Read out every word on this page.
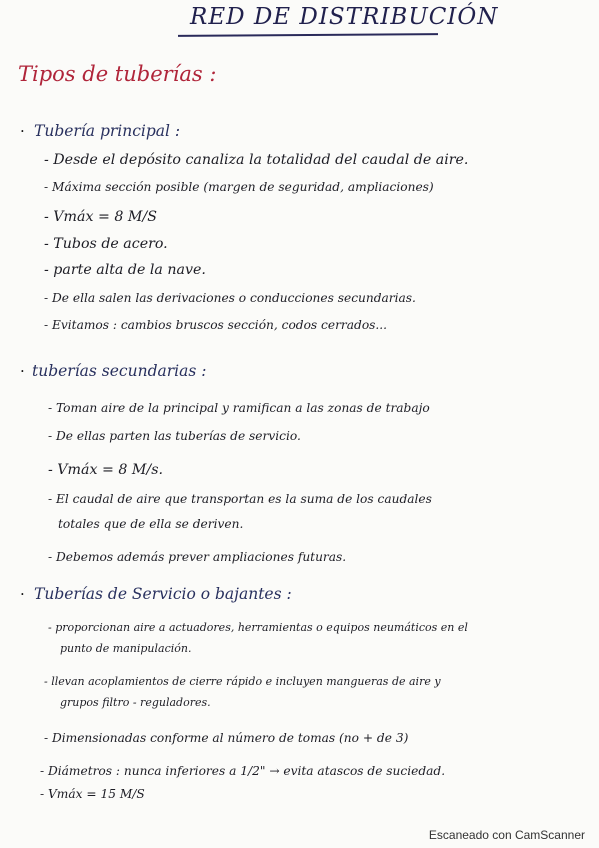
RED DE DISTRIBUCIÓN
Tipos de tuberías :
· Tubería principal :
- Desde el depósito canaliza la totalidad del caudal de aire.
- Máxima sección posible (margen de seguridad, ampliaciones)
- Vmáx = 8 M/S
- Tubos de acero.
- parte alta de la nave.
- De ella salen las derivaciones o conducciones secundarias.
- Evitamos : cambios bruscos sección, codos cerrados...
· tuberías secundarias :
- Toman aire de la principal y ramifican a las zonas de trabajo
- De ellas parten las tuberías de servicio.
- Vmáx = 8 M/s.
- El caudal de aire que transportan es la suma de los caudales
totales que de ella se deriven.
- Debemos además prever ampliaciones futuras.
· Tuberías de Servicio o bajantes :
- proporcionan aire a actuadores, herramientas o equipos neumáticos en el
punto de manipulación.
- llevan acoplamientos de cierre rápido e incluyen mangueras de aire y
grupos filtro - reguladores.
- Dimensionadas conforme al número de tomas (no + de 3)
- Diámetros : nunca inferiores a 1/2" → evita atascos de suciedad.
- Vmáx = 15 M/S
Escaneado con CamScanner
